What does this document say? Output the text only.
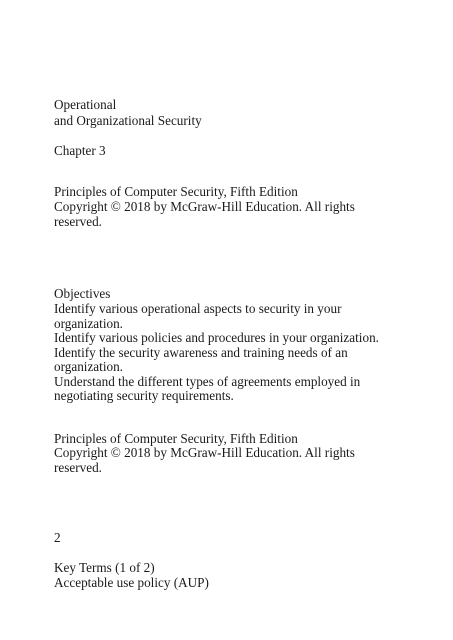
Operational

and Organizational Security

Chapter 3

Principles of Computer Security, Fifth Edition

Copyright © 2018 by McGraw-Hill Education. All rights

reserved.

Objectives

Identify various operational aspects to security in your

organization.

Identify various policies and procedures in your organization.

Identify the security awareness and training needs of an

organization.

Understand the different types of agreements employed in

negotiating security requirements.

Principles of Computer Security, Fifth Edition

Copyright © 2018 by McGraw-Hill Education. All rights

reserved.

2

Key Terms (1 of 2)

Acceptable use policy (AUP)
